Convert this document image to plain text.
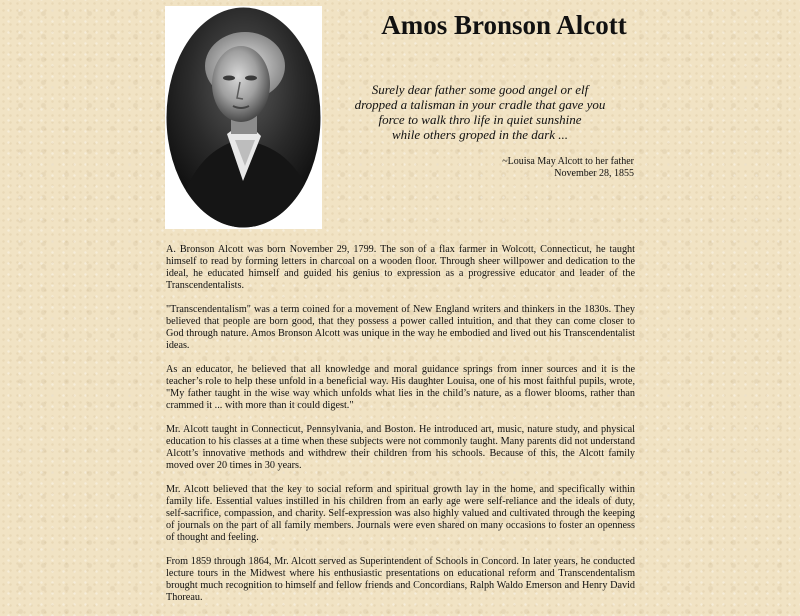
Amos Bronson Alcott
Surely dear father some good angel or elf
dropped a talisman in your cradle that gave you
force to walk thro life in quiet sunshine
while others groped in the dark ...
~Louisa May Alcott to her father
November 28, 1855

A. Bronson Alcott was born November 29, 1799. The son of a flax farmer in Wolcott, Connecticut, he taught himself to read by forming letters in charcoal on a wooden floor. Through sheer willpower and dedication to the ideal, he educated himself and guided his genius to expression as a progressive educator and leader of the Transcendentalists.

"Transcendentalism" was a term coined for a movement of New England writers and thinkers in the 1830s. They believed that people are born good, that they possess a power called intuition, and that they can come closer to God through nature. Amos Bronson Alcott was unique in the way he embodied and lived out his Transcendentalist ideas.

As an educator, he believed that all knowledge and moral guidance springs from inner sources and it is the teacher’s role to help these unfold in a beneficial way. His daughter Louisa, one of his most faithful pupils, wrote, "My father taught in the wise way which unfolds what lies in the child’s nature, as a flower blooms, rather than crammed it ... with more than it could digest."

Mr. Alcott taught in Connecticut, Pennsylvania, and Boston. He introduced art, music, nature study, and physical education to his classes at a time when these subjects were not commonly taught. Many parents did not understand Alcott’s innovative methods and withdrew their children from his schools. Because of this, the Alcott family moved over 20 times in 30 years.

Mr. Alcott believed that the key to social reform and spiritual growth lay in the home, and specifically within family life. Essential values instilled in his children from an early age were self-reliance and the ideals of duty, self-sacrifice, compassion, and charity. Self-expression was also highly valued and cultivated through the keeping of journals on the part of all family members. Journals were even shared on many occasions to foster an openness of thought and feeling.

From 1859 through 1864, Mr. Alcott served as Superintendent of Schools in Concord. In later years, he conducted lecture tours in the Midwest where his enthusiastic presentations on educational reform and Transcendentalism brought much recognition to himself and fellow friends and Concordians, Ralph Waldo Emerson and Henry David Thoreau.
